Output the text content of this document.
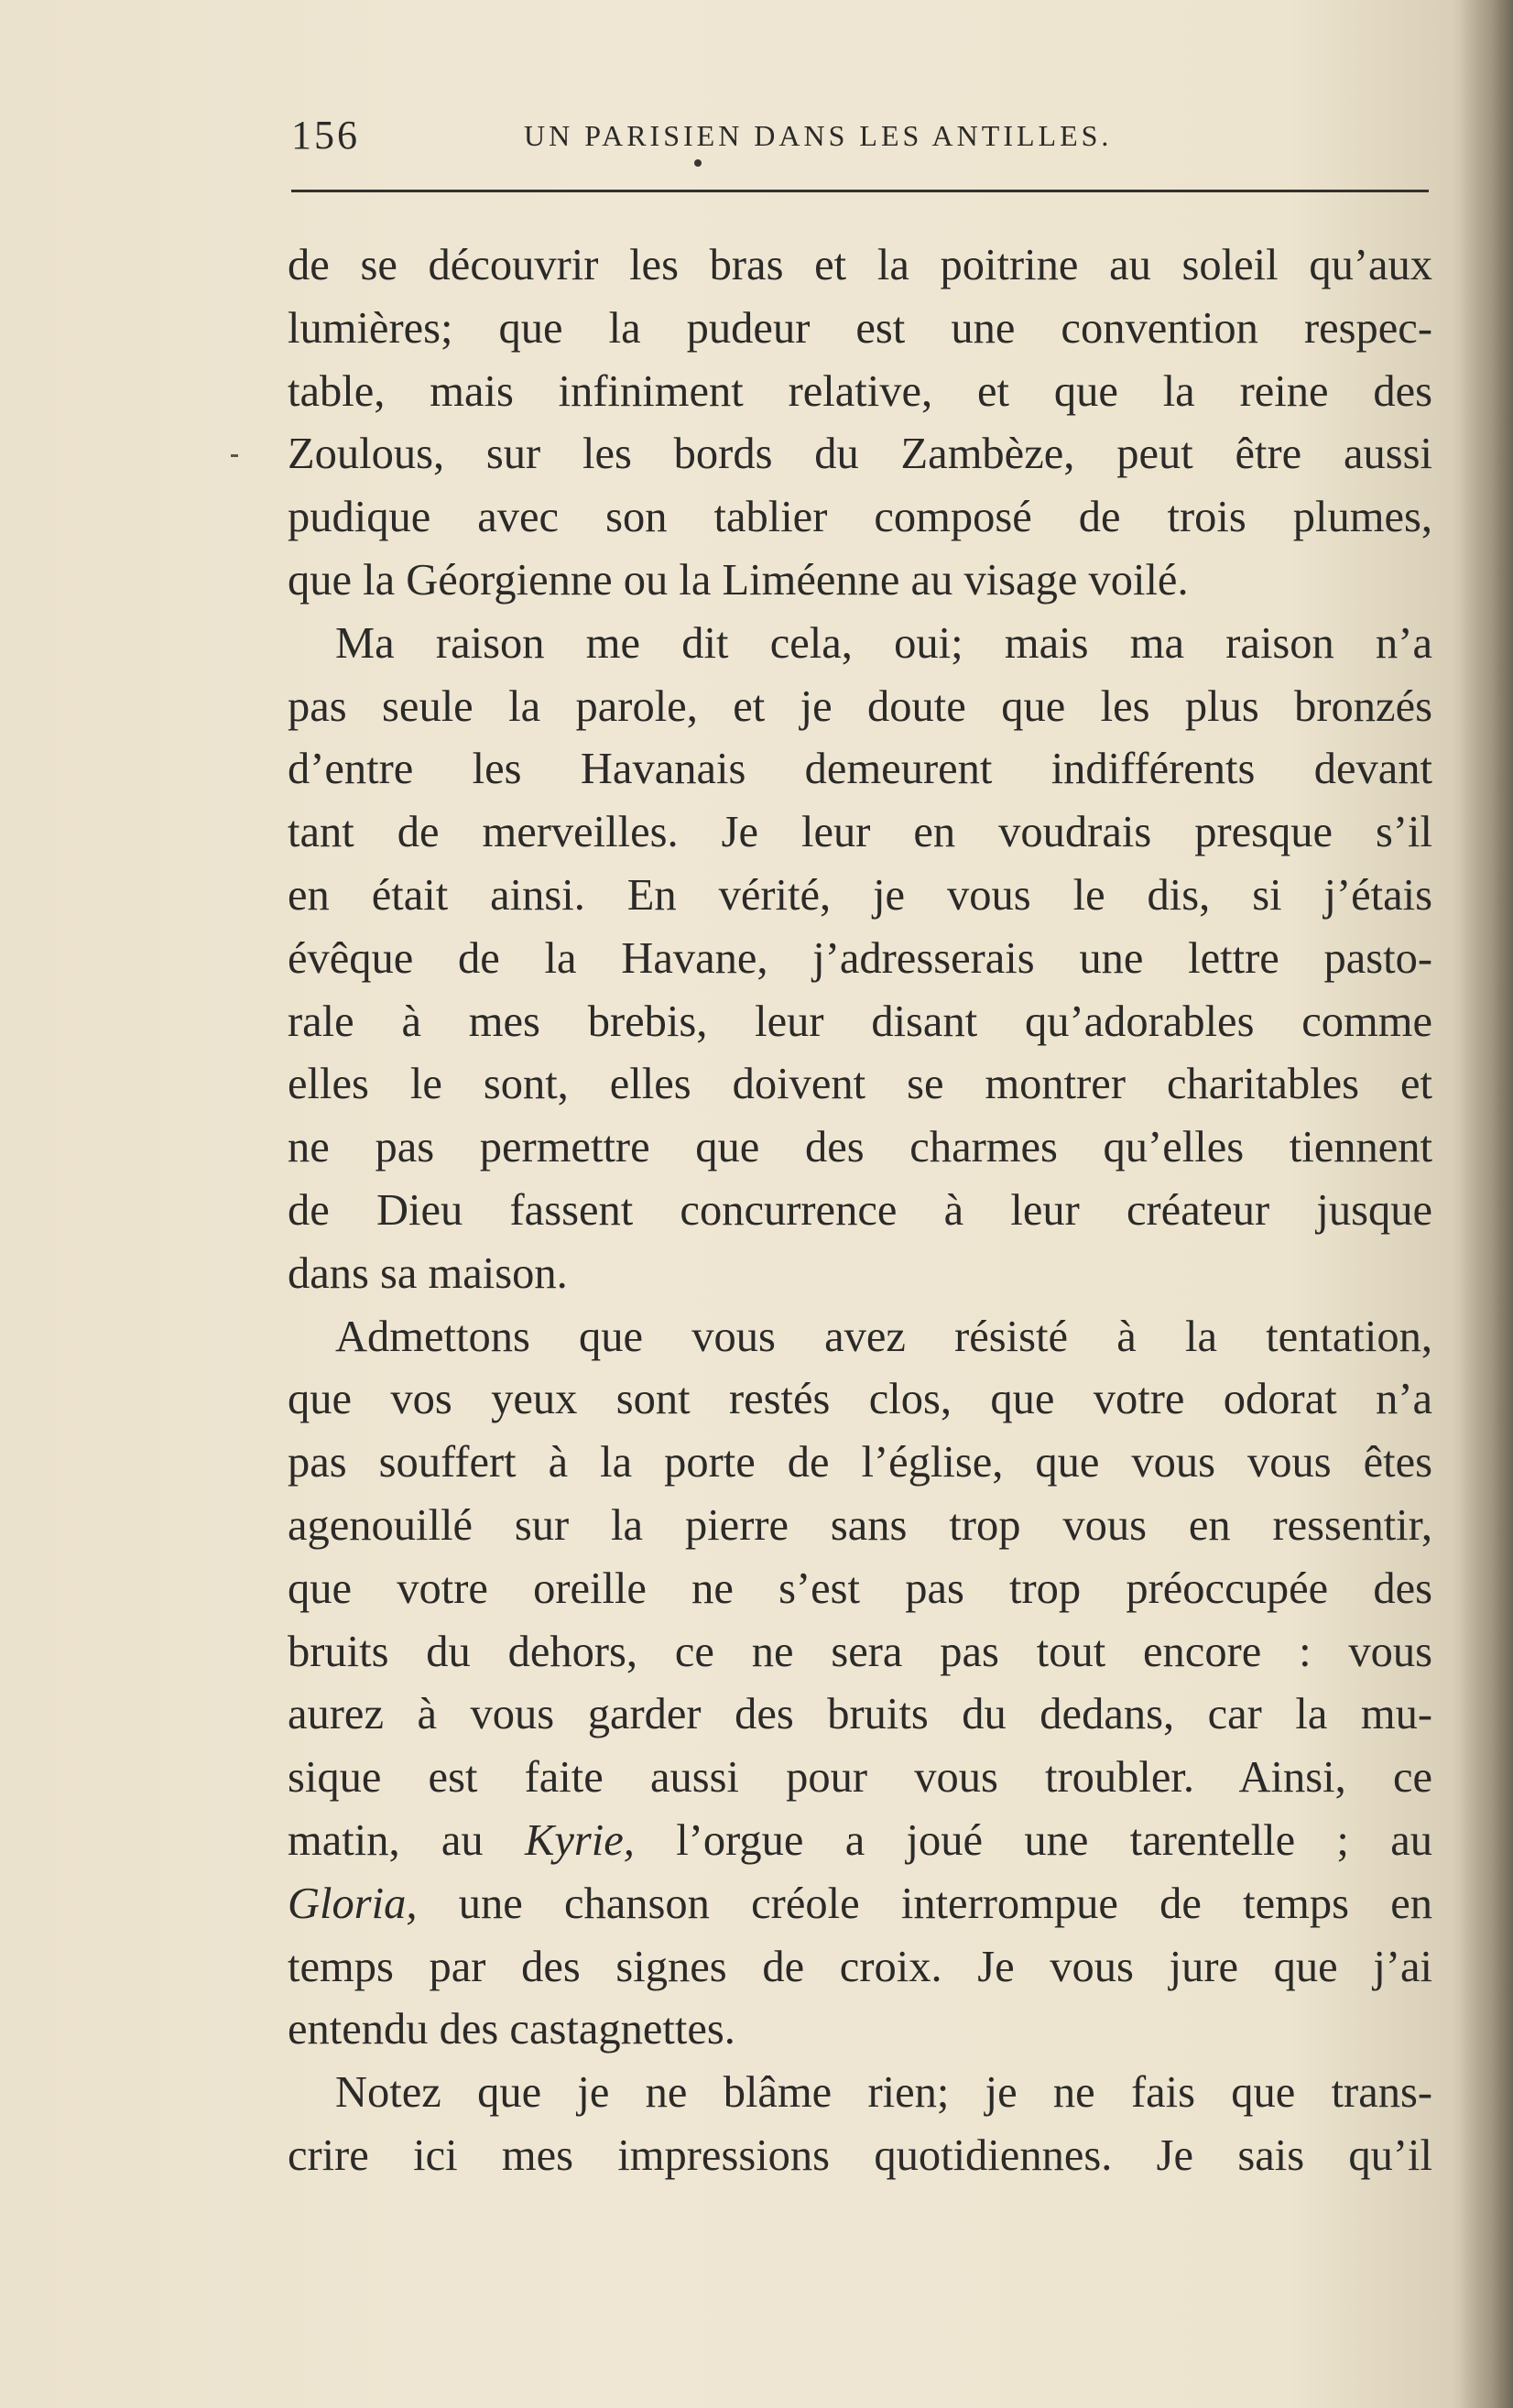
156	UN PARISIEN DANS LES ANTILLES.
de se découvrir les bras et la poitrine au soleil qu’aux
lumières; que la pudeur est une convention respec-
table, mais infiniment relative, et que la reine des
Zoulous, sur les bords du Zambèze, peut être aussi
pudique avec son tablier composé de trois plumes,
que la Géorgienne ou la Liméenne au visage voilé.
Ma raison me dit cela, oui; mais ma raison n’a
pas seule la parole, et je doute que les plus bronzés
d’entre les Havanais demeurent indifférents devant
tant de merveilles. Je leur en voudrais presque s’il
en était ainsi. En vérité, je vous le dis, si j’étais
évêque de la Havane, j’adresserais une lettre pasto-
rale à mes brebis, leur disant qu’adorables comme
elles le sont, elles doivent se montrer charitables et
ne pas permettre que des charmes qu’elles tiennent
de Dieu fassent concurrence à leur créateur jusque
dans sa maison.
Admettons que vous avez résisté à la tentation,
que vos yeux sont restés clos, que votre odorat n’a
pas souffert à la porte de l’église, que vous vous êtes
agenouillé sur la pierre sans trop vous en ressentir,
que votre oreille ne s’est pas trop préoccupée des
bruits du dehors, ce ne sera pas tout encore : vous
aurez à vous garder des bruits du dedans, car la mu-
sique est faite aussi pour vous troubler. Ainsi, ce
matin, au Kyrie, l’orgue a joué une tarentelle ; au
Gloria, une chanson créole interrompue de temps en
temps par des signes de croix. Je vous jure que j’ai
entendu des castagnettes.
Notez que je ne blâme rien; je ne fais que trans-
crire ici mes impressions quotidiennes. Je sais qu’il
